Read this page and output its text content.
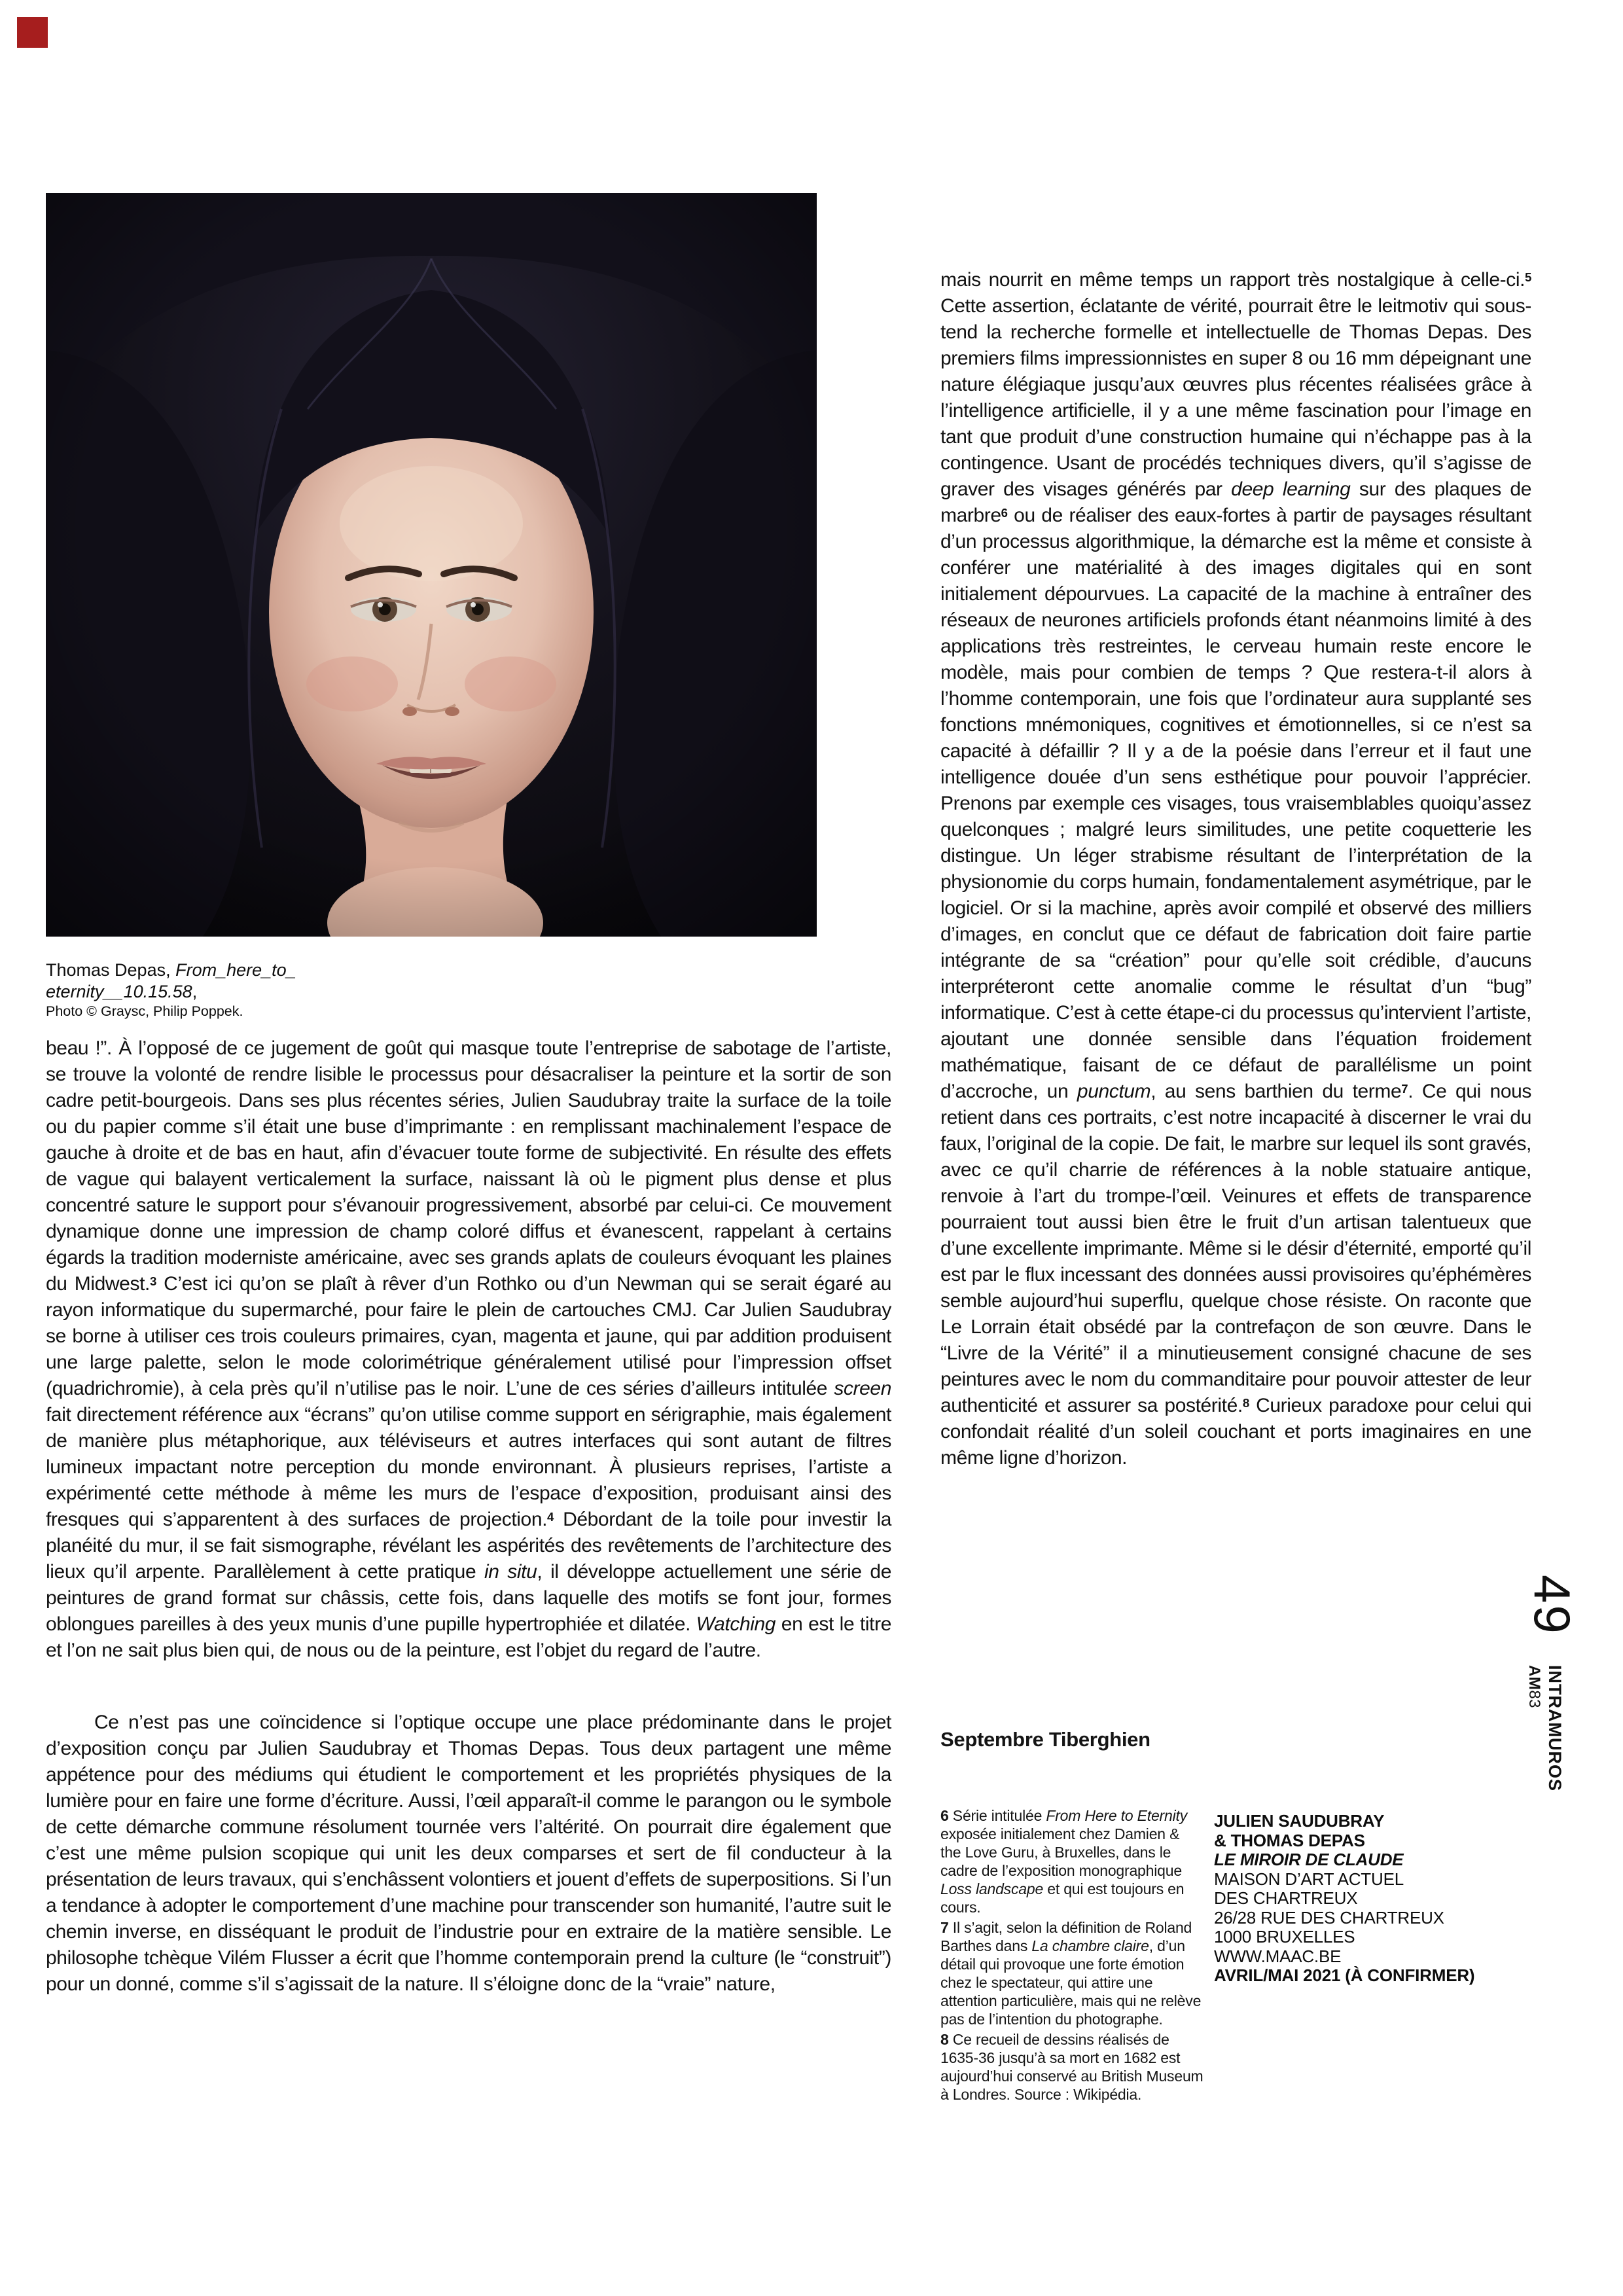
Thomas Depas, From_here_to_
eternity__10.15.58,
Photo © Graysc, Philip Poppek.
beau !”. À l’opposé de ce jugement de goût qui masque toute l’entreprise de sabotage de l’artiste, se trouve la volonté de rendre lisible le processus pour désacraliser la peinture et la sortir de son cadre petit-bourgeois. Dans ses plus récentes séries, Julien Saudubray traite la surface de la toile ou du papier comme s’il était une buse d’imprimante : en remplissant machinalement l’espace de gauche à droite et de bas en haut, afin d’évacuer toute forme de subjectivité. En résulte des effets de vague qui balayent verticalement la surface, naissant là où le pigment plus dense et plus concentré sature le support pour s’évanouir progressivement, absorbé par celui-ci. Ce mouvement dynamique donne une impression de champ coloré diffus et évanescent, rappelant à certains égards la tradition moderniste américaine, avec ses grands aplats de couleurs évoquant les plaines du Midwest.$^3$ C’est ici qu’on se plaît à rêver d’un Rothko ou d’un Newman qui se serait égaré au rayon informatique du supermarché, pour faire le plein de cartouches CMJ. Car Julien Saudubray se borne à utiliser ces trois couleurs primaires, cyan, magenta et jaune, qui par addition produisent une large palette, selon le mode colorimétrique généralement utilisé pour l’impression offset (quadrichromie), à cela près qu’il n’utilise pas le noir. L’une de ces séries d’ailleurs intitulée screen fait directement référence aux “écrans” qu’on utilise comme support en sérigraphie, mais également de manière plus métaphorique, aux téléviseurs et autres interfaces qui sont autant de filtres lumineux impactant notre perception du monde environnant. À plusieurs reprises, l’artiste a expérimenté cette méthode à même les murs de l’espace d’exposition, produisant ainsi des fresques qui s’apparentent à des surfaces de projection.$^4$ Débordant de la toile pour investir la planéité du mur, il se fait sismographe, révélant les aspérités des revêtements de l’architecture des lieux qu’il arpente. Parallèlement à cette pratique in situ, il développe actuellement une série de peintures de grand format sur châssis, cette fois, dans laquelle des motifs se font jour, formes oblongues pareilles à des yeux munis d’une pupille hypertrophiée et dilatée. Watching en est le titre et l’on ne sait plus bien qui, de nous ou de la peinture, est l’objet du regard de l’autre.
Ce n’est pas une coïncidence si l’optique occupe une place prédominante dans le projet d’exposition conçu par Julien Saudubray et Thomas Depas. Tous deux partagent une même appétence pour des médiums qui étudient le comportement et les propriétés physiques de la lumière pour en faire une forme d’écriture. Aussi, l’œil apparaît-il comme le parangon ou le symbole de cette démarche commune résolument tournée vers l’altérité. On pourrait dire également que c’est une même pulsion scopique qui unit les deux comparses et sert de fil conducteur à la présentation de leurs travaux, qui s’enchâssent volontiers et jouent d’effets de superpositions. Si l’un a tendance à adopter le comportement d’une machine pour transcender son humanité, l’autre suit le chemin inverse, en disséquant le produit de l’industrie pour en extraire de la matière sensible. Le philosophe tchèque Vilém Flusser a écrit que l’homme contemporain prend la culture (le “construit”) pour un donné, comme s’il s’agissait de la nature. Il s’éloigne donc de la “vraie” nature,
mais nourrit en même temps un rapport très nostalgique à celle-ci.$^5$ Cette assertion, éclatante de vérité, pourrait être le leitmotiv qui sous-tend la recherche formelle et intellectuelle de Thomas Depas. Des premiers films impressionnistes en super 8 ou 16 mm dépeignant une nature élégiaque jusqu’aux œuvres plus récentes réalisées grâce à l’intelligence artificielle, il y a une même fascination pour l’image en tant que produit d’une construction humaine qui n’échappe pas à la contingence. Usant de procédés techniques divers, qu’il s’agisse de graver des visages générés par deep learning sur des plaques de marbre$^6$ ou de réaliser des eaux-fortes à partir de paysages résultant d’un processus algorithmique, la démarche est la même et consiste à conférer une matérialité à des images digitales qui en sont initialement dépourvues. La capacité de la machine à entraîner des réseaux de neurones artificiels profonds étant néanmoins limité à des applications très restreintes, le cerveau humain reste encore le modèle, mais pour combien de temps ? Que restera-t-il alors à l’homme contemporain, une fois que l’ordinateur aura supplanté ses fonctions mnémoniques, cognitives et émotionnelles, si ce n’est sa capacité à défaillir ? Il y a de la poésie dans l’erreur et il faut une intelligence douée d’un sens esthétique pour pouvoir l’apprécier. Prenons par exemple ces visages, tous vraisemblables quoiqu’assez quelconques ; malgré leurs similitudes, une petite coquetterie les distingue. Un léger strabisme résultant de l’interprétation de la physionomie du corps humain, fondamentalement asymétrique, par le logiciel. Or si la machine, après avoir compilé et observé des milliers d’images, en conclut que ce défaut de fabrication doit faire partie intégrante de sa “création” pour qu’elle soit crédible, d’aucuns interpréteront cette anomalie comme le résultat d’un “bug” informatique. C’est à cette étape-ci du processus qu’intervient l’artiste, ajoutant une donnée sensible dans l’équation froidement mathématique, faisant de ce défaut de parallélisme un point d’accroche, un punctum, au sens barthien du terme$^7$. Ce qui nous retient dans ces portraits, c’est notre incapacité à discerner le vrai du faux, l’original de la copie. De fait, le marbre sur lequel ils sont gravés, avec ce qu’il charrie de références à la noble statuaire antique, renvoie à l’art du trompe-l’œil. Veinures et effets de transparence pourraient tout aussi bien être le fruit d’un artisan talentueux que d’une excellente imprimante. Même si le désir d’éternité, emporté qu’il est par le flux incessant des données aussi provisoires qu’éphémères semble aujourd’hui superflu, quelque chose résiste. On raconte que Le Lorrain était obsédé par la contrefaçon de son œuvre. Dans le “Livre de la Vérité” il a minutieusement consigné chacune de ses peintures avec le nom du commanditaire pour pouvoir attester de leur authenticité et assurer sa postérité.$^8$ Curieux paradoxe pour celui qui confondait réalité d’un soleil couchant et ports imaginaires en une même ligne d’horizon.
Septembre Tiberghien

6 Série intitulée From Here to Eternity exposée initialement chez Damien & the Love Guru, à Bruxelles, dans le cadre de l’exposition monographique Loss landscape et qui est toujours en cours.

7 Il s’agit, selon la définition de Roland Barthes dans La chambre claire, d’un détail qui provoque une forte émotion chez le spectateur, qui attire une attention particulière, mais qui ne relève pas de l’intention du photographe.

8 Ce recueil de dessins réalisés de 1635-36 jusqu’à sa mort en 1682 est aujourd’hui conservé au British Museum à Londres. Source : Wikipédia.

JULIEN SAUDUBRAY
& THOMAS DEPAS
LE MIROIR DE CLAUDE
MAISON D’ART ACTUEL
DES CHARTREUX
26/28 RUE DES CHARTREUX
1000 BRUXELLES
WWW.MAAC.BE
AVRIL/MAI 2021 (À CONFIRMER)
49
AM83 INTRAMUROS
